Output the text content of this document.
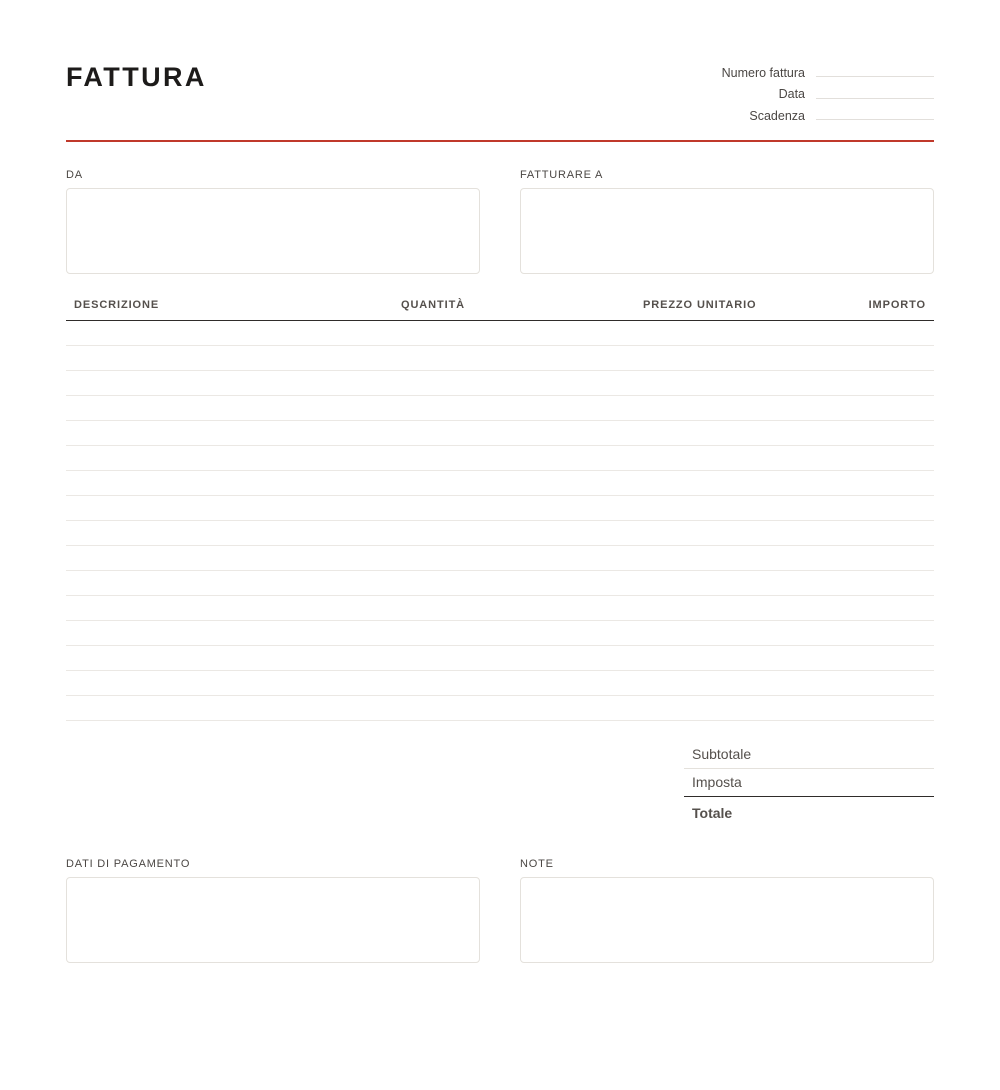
FATTURA	Numero fattura
Data
Scadenza
DA	FATTURARE A
DESCRIZIONE	QUANTITÀ	PREZZO UNITARIO	IMPORTO
Subtotale
Imposta
Totale
DATI DI PAGAMENTO	NOTE
